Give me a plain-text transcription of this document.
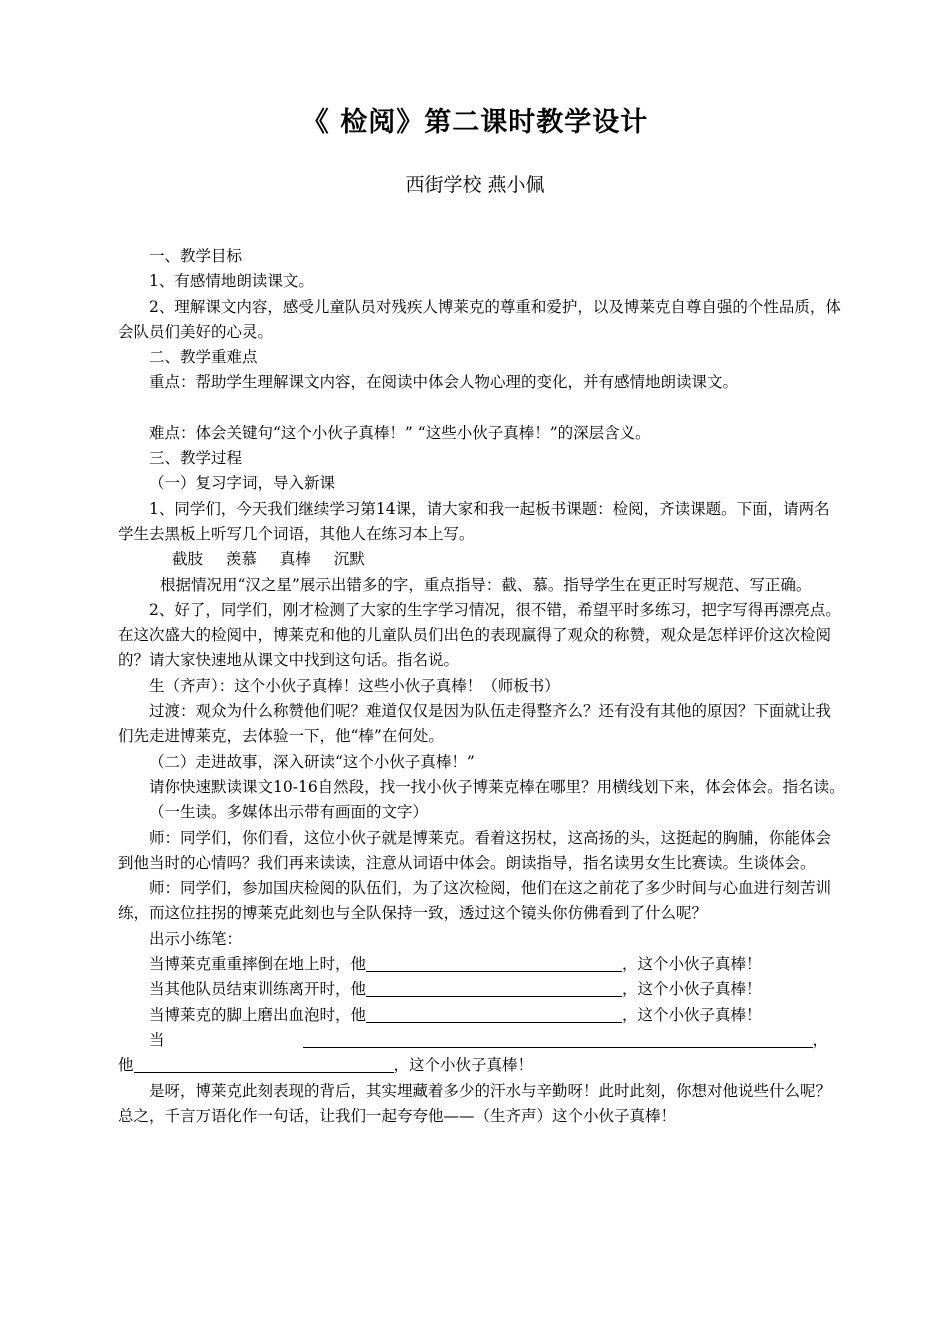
《 检阅》第二课时教学设计
西街学校 燕小佩

一、教学目标

1、有感情地朗读课文。

2、理解课文内容，感受儿童队员对残疾人博莱克的尊重和爱护，以及博莱克自尊自强的个性品质，体会队员们美好的心灵。

二、教学重难点

重点：帮助学生理解课文内容，在阅读中体会人物心理的变化，并有感情地朗读课文。

难点：体会关键句“这个小伙子真棒！” “这些小伙子真棒！”的深层含义。

三、教学过程

（一）复习字词，导入新课

1、同学们，今天我们继续学习第14课，请大家和我一起板书课题：检阅，齐读课题。下面，请两名学生去黑板上听写几个词语，其他人在练习本上写。

截肢 羡慕 真棒 沉默

根据情况用“汉之星”展示出错多的字，重点指导：截、慕。指导学生在更正时写规范、写正确。

2、好了，同学们，刚才检测了大家的生字学习情况，很不错，希望平时多练习，把字写得再漂亮点。在这次盛大的检阅中，博莱克和他的儿童队员们出色的表现赢得了观众的称赞，观众是怎样评价这次检阅的？请大家快速地从课文中找到这句话。指名说。

生（齐声）：这个小伙子真棒！这些小伙子真棒！（师板书）

过渡：观众为什么称赞他们呢？难道仅仅是因为队伍走得整齐么？还有没有其他的原因？下面就让我们先走进博莱克，去体验一下，他“棒”在何处。

（二）走进故事，深入研读“这个小伙子真棒！”

请你快速默读课文10-16自然段，找一找小伙子博莱克棒在哪里？用横线划下来，体会体会。指名读。

（一生读。多媒体出示带有画面的文字）

师：同学们，你们看，这位小伙子就是博莱克。看着这拐杖，这高扬的头，这挺起的胸脯，你能体会到他当时的心情吗？我们再来读读，注意从词语中体会。朗读指导，指名读男女生比赛读。生谈体会。

师：同学们，参加国庆检阅的队伍们，为了这次检阅，他们在这之前花了多少时间与心血进行刻苦训练，而这位拄拐的博莱克此刻也与全队保持一致，透过这个镜头你仿佛看到了什么呢？

出示小练笔：

当博莱克重重摔倒在地上时，他	，这个小伙子真棒！

当其他队员结束训练离开时，他	，这个小伙子真棒！

当博莱克的脚上磨出血泡时，他	，这个小伙子真棒！

当	，

他	，这个小伙子真棒！

是呀，博莱克此刻表现的背后，其实埋藏着多少的汗水与辛勤呀！此时此刻，你想对他说些什么呢？总之，千言万语化作一句话，让我们一起夸夸他——（生齐声）这个小伙子真棒！
